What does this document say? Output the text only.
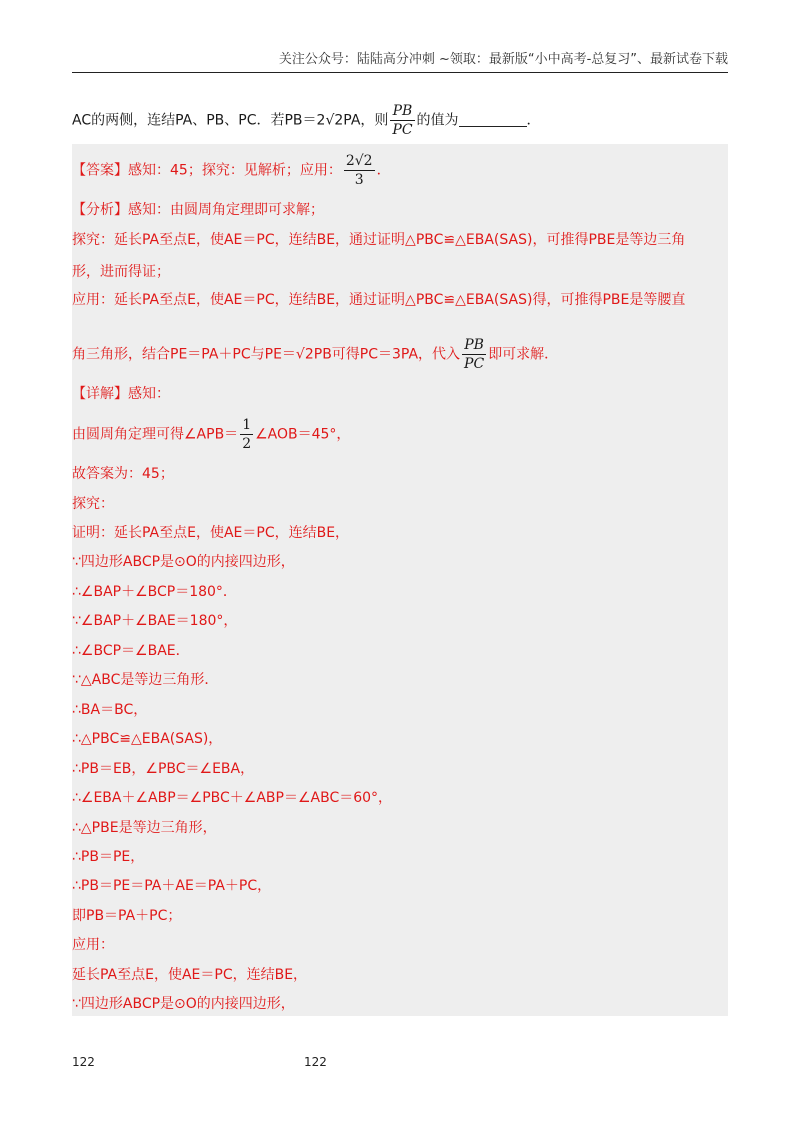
关注公众号：陆陆高分冲刺 ~领取：最新版“小中高考-总复习”、最新试卷下载
AC的两侧，连结PA、PB、PC．若PB＝2√2PA，则 $\frac{PB}{PC}$ 的值为	．
【答案】感知：45；探究：见解析；应用： $\frac{2√2}{3}$ ．
【分析】感知：由圆周角定理即可求解；
探究：延长PA至点E，使AE＝PC，连结BE，通过证明△PBC≌△EBA(SAS)，可推得PBE是等边三角
形，进而得证；
应用：延长PA至点E，使AE＝PC，连结BE，通过证明△PBC≌△EBA(SAS)得，可推得PBE是等腰直
角三角形，结合PE＝PA＋PC与PE＝√2PB可得PC＝3PA，代入 $\frac{PB}{PC}$ 即可求解．
【详解】感知：
由圆周角定理可得∠APB＝ $\frac{1}{2}$ ∠AOB＝45°，
故答案为：45；
探究：
证明：延长PA至点E，使AE＝PC，连结BE，
∵四边形ABCP是⊙O的内接四边形，
∴∠BAP＋∠BCP＝180°．
∵∠BAP＋∠BAE＝180°，
∴∠BCP＝∠BAE．
∵△ABC是等边三角形．
∴BA＝BC，
∴△PBC≌△EBA(SAS)，
∴PB＝EB，∠PBC＝∠EBA，
∴∠EBA＋∠ABP＝∠PBC＋∠ABP＝∠ABC＝60°，
∴△PBE是等边三角形，
∴PB＝PE，
∴PB＝PE＝PA＋AE＝PA＋PC，
即PB＝PA＋PC；
应用：
延长PA至点E，使AE＝PC，连结BE，
∵四边形ABCP是⊙O的内接四边形，
122	122
